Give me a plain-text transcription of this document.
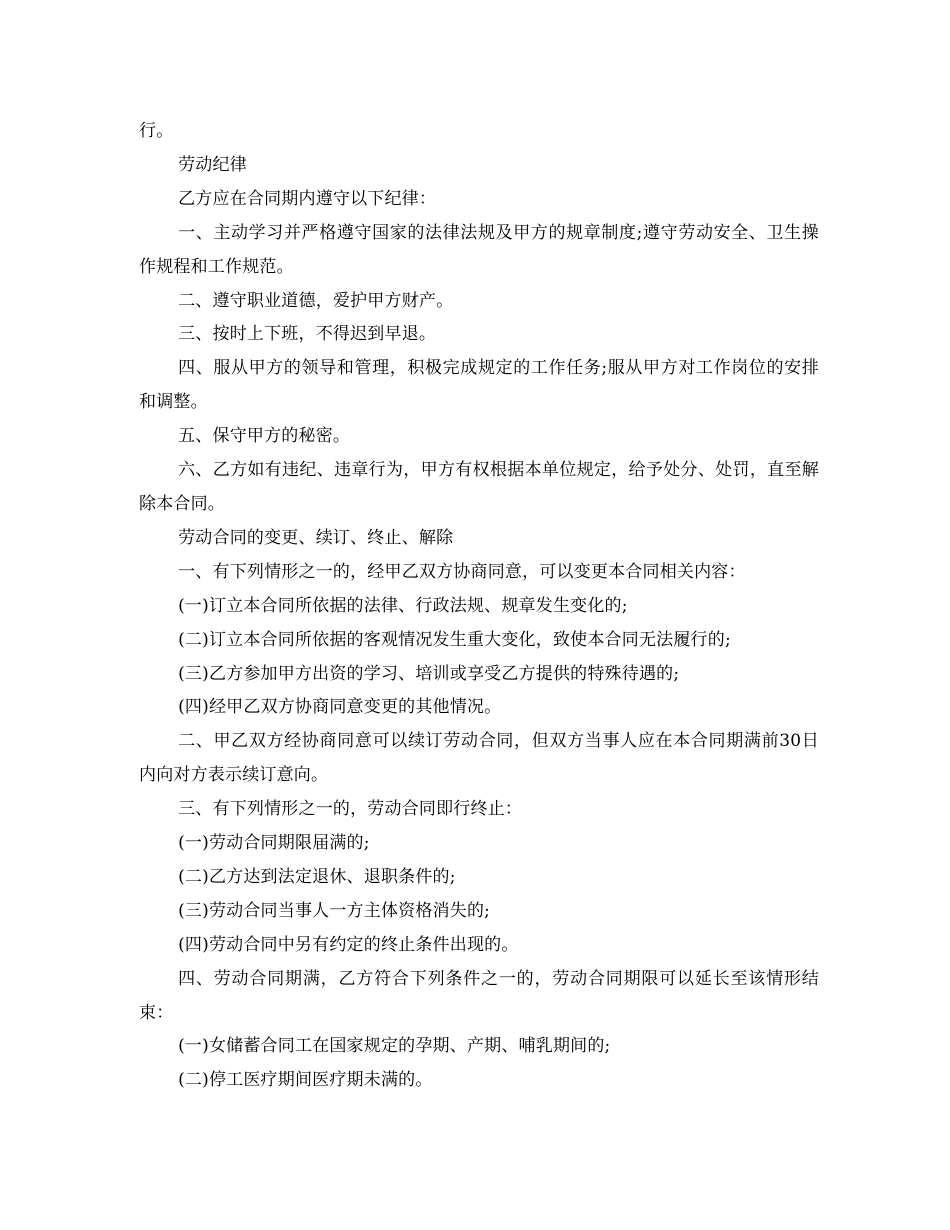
行。

劳动纪律

乙方应在合同期内遵守以下纪律：

一、主动学习并严格遵守国家的法律法规及甲方的规章制度;遵守劳动安全、卫生操作规程和工作规范。

二、遵守职业道德，爱护甲方财产。

三、按时上下班，不得迟到早退。

四、服从甲方的领导和管理，积极完成规定的工作任务;服从甲方对工作岗位的安排和调整。

五、保守甲方的秘密。

六、乙方如有违纪、违章行为，甲方有权根据本单位规定，给予处分、处罚，直至解除本合同。

劳动合同的变更、续订、终止、解除

一、有下列情形之一的，经甲乙双方协商同意，可以变更本合同相关内容：

(一)订立本合同所依据的法律、行政法规、规章发生变化的;

(二)订立本合同所依据的客观情况发生重大变化，致使本合同无法履行的;

(三)乙方参加甲方出资的学习、培训或享受乙方提供的特殊待遇的;

(四)经甲乙双方协商同意变更的其他情况。

二、甲乙双方经协商同意可以续订劳动合同，但双方当事人应在本合同期满前30日内向对方表示续订意向。

三、有下列情形之一的，劳动合同即行终止：

(一)劳动合同期限届满的;

(二)乙方达到法定退休、退职条件的;

(三)劳动合同当事人一方主体资格消失的;

(四)劳动合同中另有约定的终止条件出现的。

四、劳动合同期满，乙方符合下列条件之一的，劳动合同期限可以延长至该情形结束：

(一)女储蓄合同工在国家规定的孕期、产期、哺乳期间的;

(二)停工医疗期间医疗期未满的。
